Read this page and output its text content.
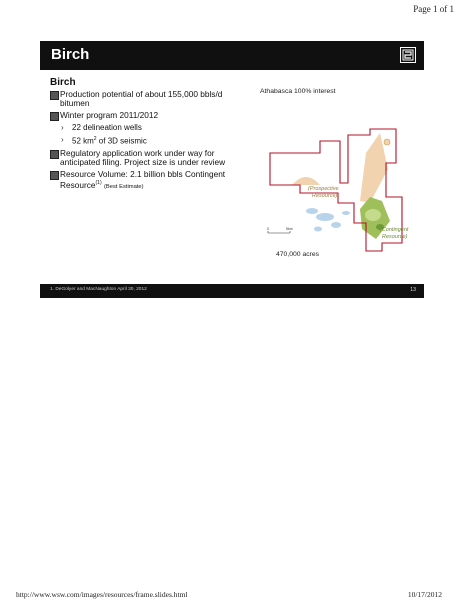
Page 1 of 1
Birch
Birch
Production potential of about 155,000 bbls/d bitumen
Winter program 2011/2012
› 22 delineation wells
› 52 $km^2$ of 3D seismic
Regulatory application work under way for anticipated filing. Project size is under review
Resource Volume: 2.1 billion bbls Contingent Resource$^{(1)}$ (Best Estimate)
Athabasca 100% interest
(Prospective
Resource)
(Contingent
Resource)
0	5km
470,000 acres
1. DeGolyer and MacNaughton April 30, 2012	13
http://www.wsw.com/images/resources/frame.slides.html	10/17/2012
